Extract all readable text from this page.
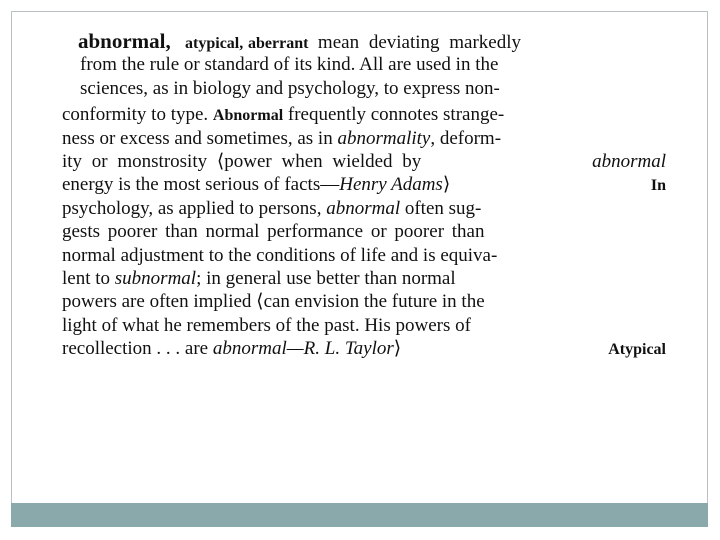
abnormal,
atypical,
aberrant
mean deviating markedly
from the rule or standard of its kind. All are used in the
sciences, as in biology and psychology, to express non-
conformity to type. Abnormal frequently connotes strange-
ness or excess and sometimes, as in abnormality , deform-
ity or monstrosity ⟨power when wielded by	abnormal
energy is the most serious of facts—Henry Adams⟩	In
psychology, as applied to persons, abnormal often sug-
gests poorer than normal performance or poorer than
normal adjustment to the conditions of life and is equiva-
lent to subnormal ; in general use better than normal
powers are often implied ⟨can envision the future in the
light of what he remembers of the past. His powers of
recollection . . . are abnormal—R. L. Taylor⟩	Atypical
